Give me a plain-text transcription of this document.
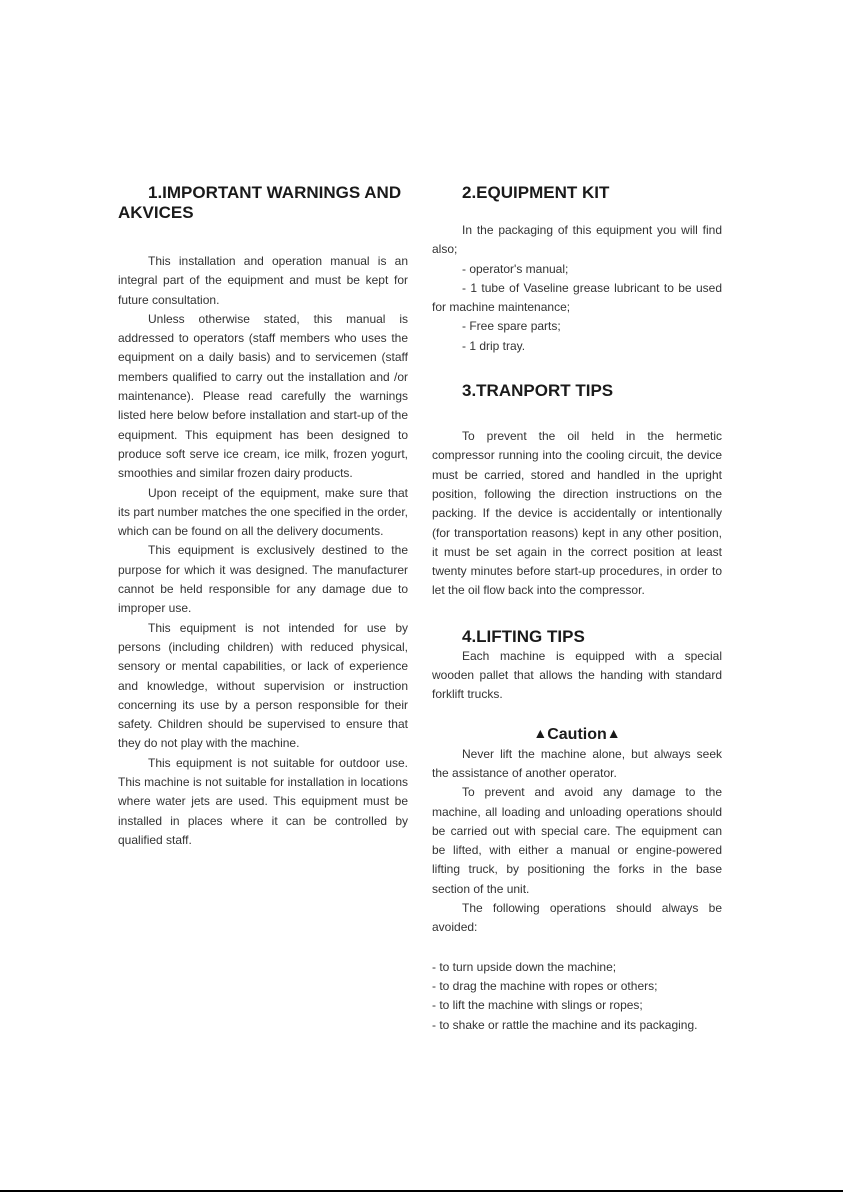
1.IMPORTANT WARNINGS AND AKVICES

This installation and operation manual is an integral part of the equipment and must be kept for future consultation.

Unless otherwise stated, this manual is addressed to operators (staff members who uses the equipment on a daily basis) and to servicemen (staff members qualified to carry out the installation and /or maintenance). Please read carefully the warnings listed here below before installation and start-up of the equipment. This equipment has been designed to produce soft serve ice cream, ice milk, frozen yogurt, smoothies and similar frozen dairy products.

Upon receipt of the equipment, make sure that its part number matches the one specified in the order, which can be found on all the delivery documents.

This equipment is exclusively destined to the purpose for which it was designed. The manufacturer cannot be held responsible for any damage due to improper use.

This equipment is not intended for use by persons (including children) with reduced physical, sensory or mental capabilities, or lack of experience and knowledge, without supervision or instruction concerning its use by a person responsible for their safety. Children should be supervised to ensure that they do not play with the machine.

This equipment is not suitable for outdoor use. This machine is not suitable for installation in locations where water jets are used. This equipment must be installed in places where it can be controlled by qualified staff.

2.EQUIPMENT KIT

In the packaging of this equipment you will find also;

- operator's manual;

- 1 tube of Vaseline grease lubricant to be used for machine maintenance;

- Free spare parts;

- 1 drip tray.

3.TRANPORT TIPS

To prevent the oil held in the hermetic compressor running into the cooling circuit, the device must be carried, stored and handled in the upright position, following the direction instructions on the packing. If the device is accidentally or intentionally (for transportation reasons) kept in any other position, it must be set again in the correct position at least twenty minutes before start-up procedures, in order to let the oil flow back into the compressor.

4.LIFTING TIPS

Each machine is equipped with a special wooden pallet that allows the handing with standard forklift trucks.

▲Caution▲

Never lift the machine alone, but always seek the assistance of another operator.

To prevent and avoid any damage to the machine, all loading and unloading operations should be carried out with special care. The equipment can be lifted, with either a manual or engine-powered lifting truck, by positioning the forks in the base section of the unit.

The following operations should always be avoided:

- to turn upside down the machine;

- to drag the machine with ropes or others;

- to lift the machine with slings or ropes;

- to shake or rattle the machine and its packaging.
